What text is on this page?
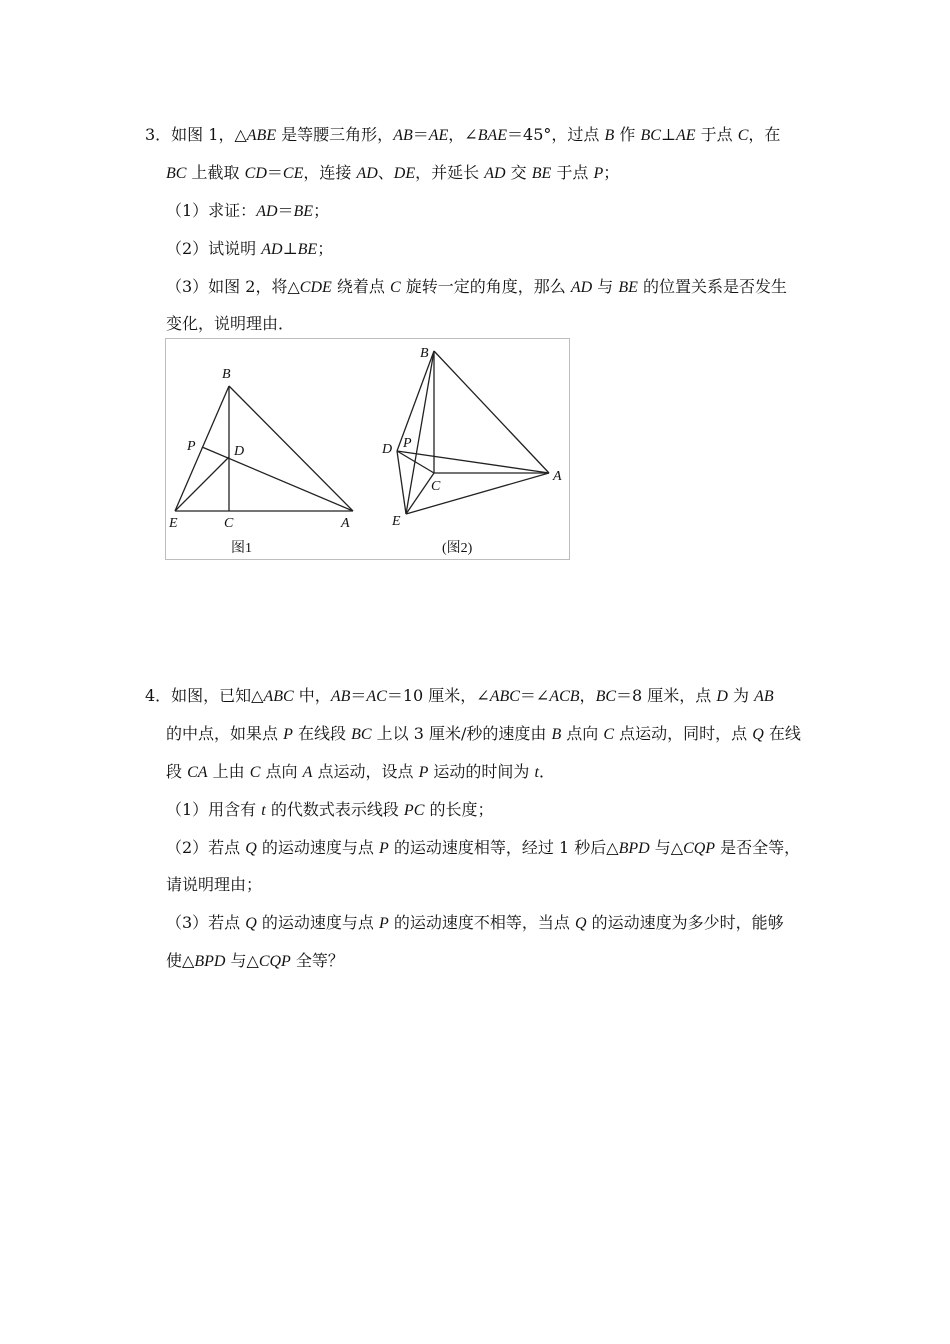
3．如图 1，△ABE 是等腰三角形，AB＝AE，∠BAE＝45°，过点 B 作 BC⊥AE 于点 C，在
BC 上截取 CD＝CE，连接 AD、DE，并延长 AD 交 BE 于点 P；
（1）求证：AD＝BE；
（2）试说明 AD⊥BE；
（3）如图 2，将△CDE 绕着点 C 旋转一定的角度，那么 AD 与 BE 的位置关系是否发生
变化，说明理由．
B
P	D
E	C	A
图1
B
D P
C
A
E
(图2)
4．如图，已知△ABC 中，AB＝AC＝10 厘米，∠ABC＝∠ACB，BC＝8 厘米，点 D 为 AB
的中点，如果点 P 在线段 BC 上以 3 厘米/秒的速度由 B 点向 C 点运动，同时，点 Q 在线
段 CA 上由 C 点向 A 点运动，设点 P 运动的时间为 t．
（1）用含有 t 的代数式表示线段 PC 的长度；
（2）若点 Q 的运动速度与点 P 的运动速度相等，经过 1 秒后△BPD 与△CQP 是否全等，
请说明理由；
（3）若点 Q 的运动速度与点 P 的运动速度不相等，当点 Q 的运动速度为多少时，能够
使△BPD 与△CQP 全等？
